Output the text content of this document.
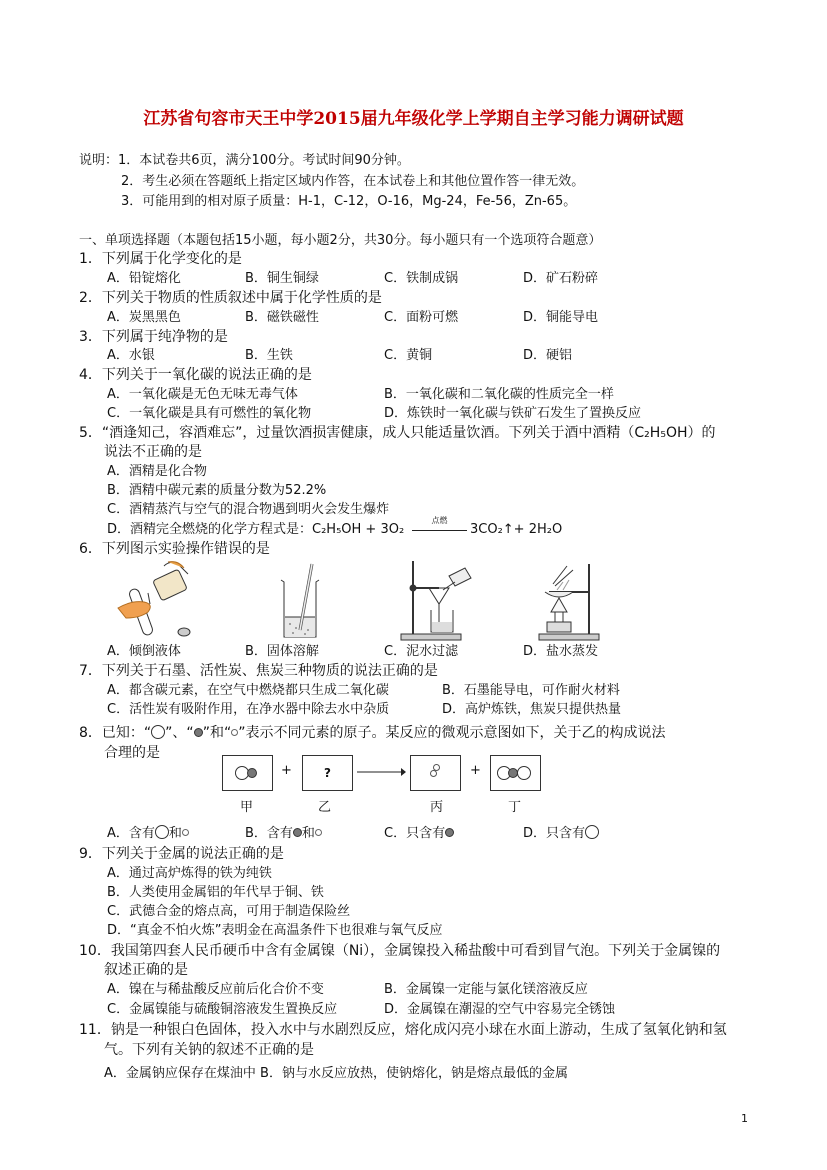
江苏省句容市天王中学2015届九年级化学上学期自主学习能力调研试题
说明：1．本试卷共6页，满分100分。考试时间90分钟。
2．考生必须在答题纸上指定区域内作答，在本试卷上和其他位置作答一律无效。
3．可能用到的相对原子质量：H-1，C-12，O-16，Mg-24，Fe-56，Zn-65。
一、单项选择题（本题包括15小题，每小题2分，共30分。每小题只有一个选项符合题意）
1．下列属于化学变化的是
A．铅锭熔化	B．铜生铜绿	C．铁制成锅	D．矿石粉碎
2．下列关于物质的性质叙述中属于化学性质的是
A．炭黑黑色	B．磁铁磁性	C．面粉可燃	D．铜能导电
3．下列属于纯净物的是
A．水银	B．生铁	C．黄铜	D．硬铝
4．下列关于一氧化碳的说法正确的是
A．一氧化碳是无色无味无毒气体	B．一氧化碳和二氧化碳的性质完全一样
C．一氧化碳是具有可燃性的氧化物	D．炼铁时一氧化碳与铁矿石发生了置换反应
5．“酒逢知己，容酒难忘”，过量饮酒损害健康，成人只能适量饮酒。下列关于酒中酒精（C₂H₅OH）的
说法不正确的是
A．酒精是化合物
B．酒精中碳元素的质量分数为52.2%
C．酒精蒸汽与空气的混合物遇到明火会发生爆炸
D．酒精完全燃烧的化学方程式是：C₂H₅OH + 3O₂
点燃
3CO₂↑+ 2H₂O
6．下列图示实验操作错误的是
A．倾倒液体	B．固体溶解	C．泥水过滤	D．盐水蒸发
7．下列关于石墨、活性炭、焦炭三种物质的说法正确的是
A．都含碳元素，在空气中燃烧都只生成二氧化碳	B．石墨能导电，可作耐火材料
C．活性炭有吸附作用，在净水器中除去水中杂质	D．高炉炼铁，焦炭只提供热量
8．已知：“ ”、“ ”和“ ”表示不同元素的原子。某反应的微观示意图如下，关于乙的构成说法
合理的是
+	?	+
甲	乙	丙	丁
A．含有 和	B．含有 和	C．只含有	D．只含有
9．下列关于金属的说法正确的是
A．通过高炉炼得的铁为纯铁
B．人类使用金属铝的年代早于铜、铁
C．武德合金的熔点高，可用于制造保险丝
D．“真金不怕火炼”表明金在高温条件下也很难与氧气反应
10．我国第四套人民币硬币中含有金属镍（Ni），金属镍投入稀盐酸中可看到冒气泡。下列关于金属镍的
叙述正确的是
A．镍在与稀盐酸反应前后化合价不变	B．金属镍一定能与氯化镁溶液反应
C．金属镍能与硫酸铜溶液发生置换反应	D．金属镍在潮湿的空气中容易完全锈蚀
11．钠是一种银白色固体，投入水中与水剧烈反应，熔化成闪亮小球在水面上游动，生成了氢氧化钠和氢
气。下列有关钠的叙述不正确的是
A．金属钠应保存在煤油中 B．钠与水反应放热，使钠熔化，钠是熔点最低的金属
1
